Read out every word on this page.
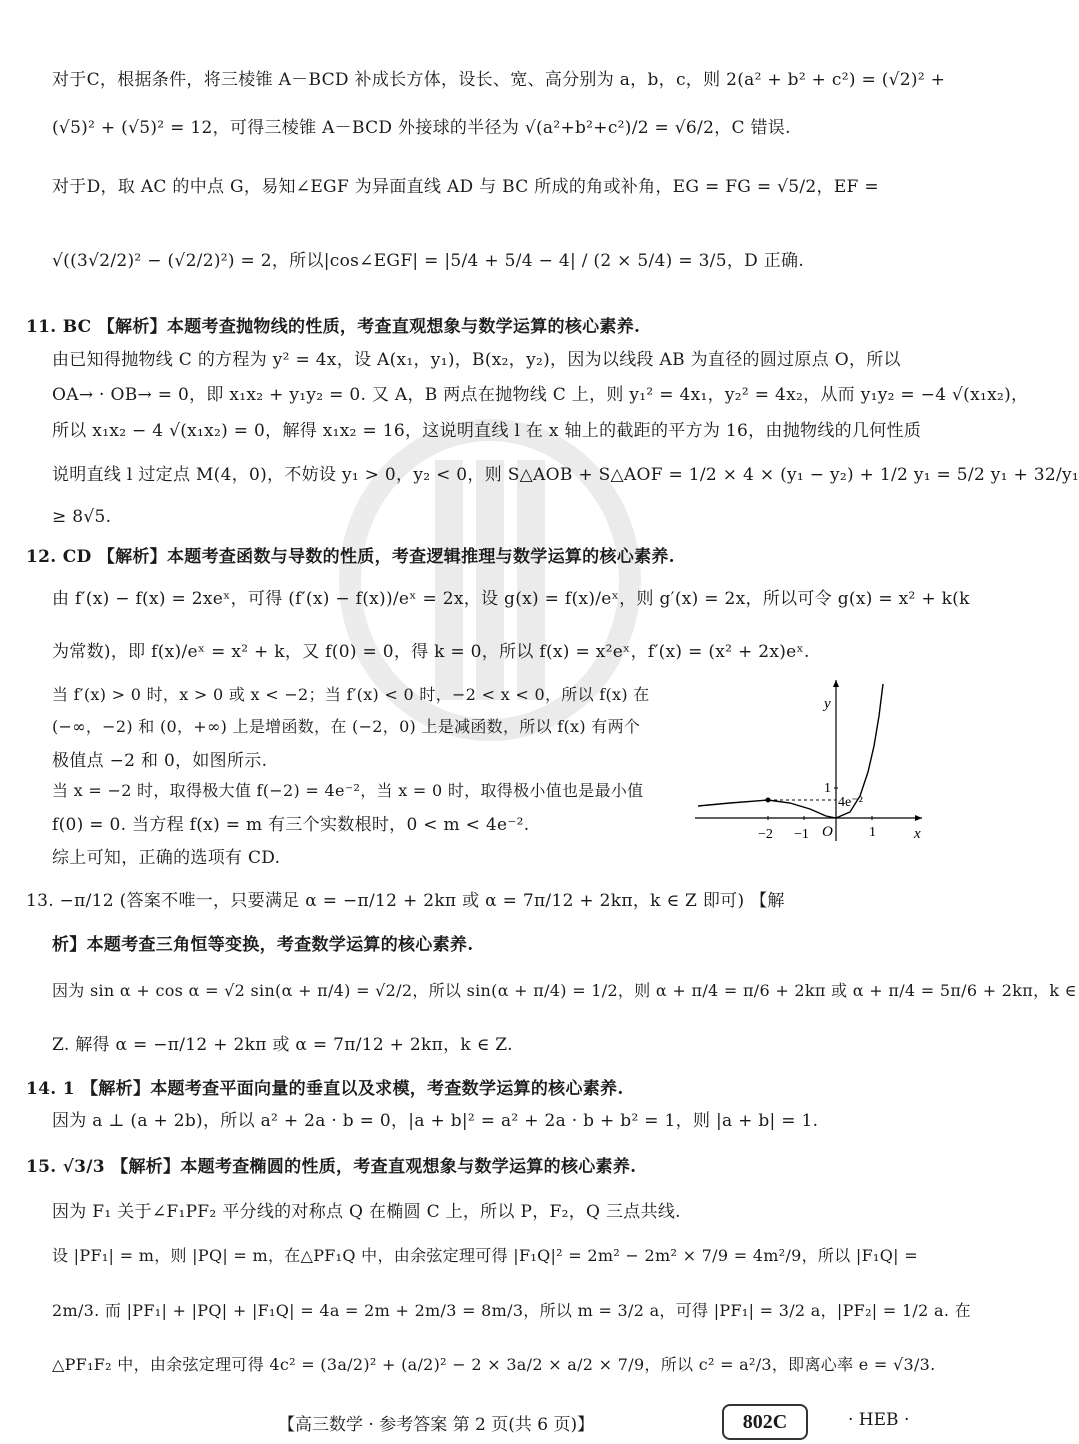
对于C，根据条件，将三棱锥 A－BCD 补成长方体，设长、宽、高分别为 a，b，c，则 2(a² + b² + c²) = (√2)² +
(√5)² + (√5)² = 12，可得三棱锥 A－BCD 外接球的半径为 √(a²+b²+c²)/2 = √6/2，C 错误.
对于D，取 AC 的中点 G，易知∠EGF 为异面直线 AD 与 BC 所成的角或补角，EG = FG = √5/2，EF =
√((3√2/2)² − (√2/2)²) = 2，所以|cos∠EGF| = |5/4 + 5/4 − 4| / (2 × 5/4) = 3/5，D 正确.
11. BC 【解析】本题考查抛物线的性质，考查直观想象与数学运算的核心素养.
由已知得抛物线 C 的方程为 y² = 4x，设 A(x₁，y₁)，B(x₂，y₂)，因为以线段 AB 为直径的圆过原点 O，所以
OA→ · OB→ = 0，即 x₁x₂ + y₁y₂ = 0. 又 A，B 两点在抛物线 C 上，则 y₁² = 4x₁，y₂² = 4x₂，从而 y₁y₂ = −4 √(x₁x₂)，
所以 x₁x₂ − 4 √(x₁x₂) = 0，解得 x₁x₂ = 16，这说明直线 l 在 x 轴上的截距的平方为 16，由抛物线的几何性质
说明直线 l 过定点 M(4，0)，不妨设 y₁ > 0，y₂ < 0，则 S△AOB + S△AOF = 1/2 × 4 × (y₁ − y₂) + 1/2 y₁ = 5/2 y₁ + 32/y₁
≥ 8√5.
12. CD 【解析】本题考查函数与导数的性质，考查逻辑推理与数学运算的核心素养.
由 f′(x) − f(x) = 2xeˣ，可得 (f′(x) − f(x))/eˣ = 2x，设 g(x) = f(x)/eˣ，则 g′(x) = 2x，所以可令 g(x) = x² + k(k
为常数)，即 f(x)/eˣ = x² + k，又 f(0) = 0，得 k = 0，所以 f(x) = x²eˣ，f′(x) = (x² + 2x)eˣ.
当 f′(x) > 0 时，x > 0 或 x < −2；当 f′(x) < 0 时，−2 < x < 0，所以 f(x) 在
(−∞，−2) 和 (0，+∞) 上是增函数，在 (−2，0) 上是减函数，所以 f(x) 有两个
极值点 −2 和 0，如图所示.
当 x = −2 时，取得极大值 f(−2) = 4e⁻²，当 x = 0 时，取得极小值也是最小值
f(0) = 0. 当方程 f(x) = m 有三个实数根时，0 < m < 4e⁻².
综上可知，正确的选项有 CD.
y
x
O
−2 −1	1
1
4e⁻²
13. −π/12 (答案不唯一，只要满足 α = −π/12 + 2kπ 或 α = 7π/12 + 2kπ，k ∈ Z 即可) 【解
析】本题考查三角恒等变换，考查数学运算的核心素养.
因为 sin α + cos α = √2 sin(α + π/4) = √2/2，所以 sin(α + π/4) = 1/2，则 α + π/4 = π/6 + 2kπ 或 α + π/4 = 5π/6 + 2kπ，k ∈
Z. 解得 α = −π/12 + 2kπ 或 α = 7π/12 + 2kπ，k ∈ Z.
14. 1 【解析】本题考查平面向量的垂直以及求模，考查数学运算的核心素养.
因为 a ⊥ (a + 2b)，所以 a² + 2a · b = 0，|a + b|² = a² + 2a · b + b² = 1，则 |a + b| = 1.
15. √3/3 【解析】本题考查椭圆的性质，考查直观想象与数学运算的核心素养.
因为 F₁ 关于∠F₁PF₂ 平分线的对称点 Q 在椭圆 C 上，所以 P，F₂，Q 三点共线.
设 |PF₁| = m，则 |PQ| = m，在△PF₁Q 中，由余弦定理可得 |F₁Q|² = 2m² − 2m² × 7/9 = 4m²/9，所以 |F₁Q| =
2m/3. 而 |PF₁| + |PQ| + |F₁Q| = 4a = 2m + 2m/3 = 8m/3，所以 m = 3/2 a，可得 |PF₁| = 3/2 a，|PF₂| = 1/2 a. 在
△PF₁F₂ 中，由余弦定理可得 4c² = (3a/2)² + (a/2)² − 2 × 3a/2 × a/2 × 7/9，所以 c² = a²/3，即离心率 e = √3/3.
【高三数学 · 参考答案 第 2 页(共 6 页)】	802C	· HEB ·
